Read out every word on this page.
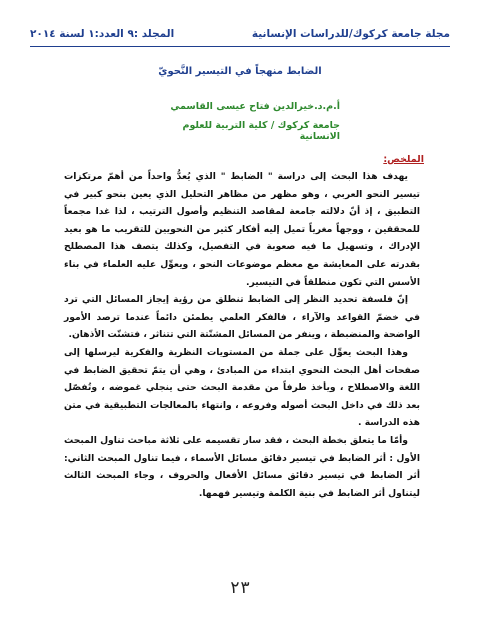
مجلة جامعة كركوك/للدراسات الإنسانية
المجلد :٩ العدد:١ لسنة ٢٠١٤
الضابط منهجاً في التيسير النَّحويّ
أ.م.د.خيرالدين فتاح عيسى القاسمي
جامعة كركوك / كلية التربية للعلوم الانسانية
الملخص:

يهدف هذا البحث إلى دراسة " الضابط " الذي يُعدُّ واحداً من أهمّ مرتكزات تيسير النحو العربي ، وهو مظهر من مظاهر التحليل الذي يعين بنحو كبير في التطبيق ، إذ أنّ دلالته جامعة لمقاصد التنظيم وأصول الترتيب ، لذا غدا مجمعاً للمحققين ، ووجهاً مغرياً تميل إليه أفكار كثير من النحويين للتقريب ما هو بعيد الإدراك ، وتسهيل ما فيه صعوبة في التفصيل، وكذلك يتصف هذا المصطلح بقدرته على المعايشة مع معظم موضوعات النحو ، ويعوِّل عليه العلماء في بناء الأسس التي تكون منطلقاً في التيسير.

إنّ فلسفة تحديد النظر إلى الضابط تنطلق من رؤية إيجاز المسائل التي ترد في خضمّ القواعد والآراء ، فالفكر العلمي يطمئن دائماً عندما ترصد الأمور الواضحة والمنضبطة ، وينفر من المسائل المشتّتة التي تتناثر ، فتشتّت الأذهان.

وهذا البحث يعوِّل على جملة من المستويات النظرية والفكرية ليرسلها إلى صفحات أهل البحث النحوي ابتداء من المبادئ ، وهي أن يتمّ تحقيق الضابط في اللغة والاصطلاح ، ويأخذ طرفاً من مقدمة البحث حتى ينجلي غموضه ، وتُفصّل بعد ذلك في داخل البحث أصوله وفروعه ، وانتهاء بالمعالجات التطبيقية في متن هذه الدراسة .

وأمّا ما يتعلق بخطة البحث ، فقد سار تقسيمه على ثلاثة مباحث تناول المبحث الأول : أثر الضابط في تيسير دقائق مسائل الأسماء ، فيما تناول المبحث الثاني: أثر الضابط في تيسير دقائق مسائل الأفعال والحروف ، وجاء المبحث الثالث ليتناول أثر الضابط في بنية الكلمة وتيسير فهمها.

٢٣
